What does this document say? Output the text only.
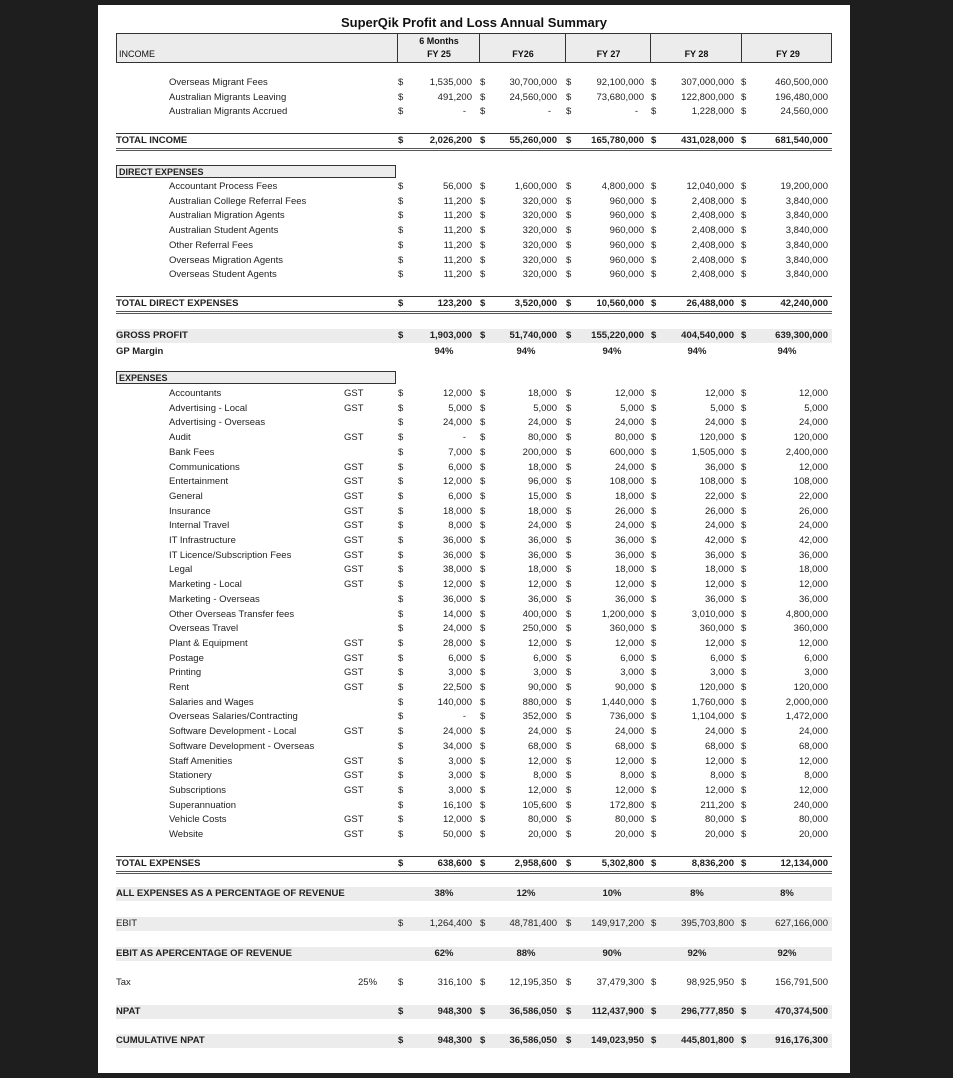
SuperQik Profit and Loss Annual Summary
INCOME
6 Months
FY 25	FY26	FY 27	FY 28	FY 29
Overseas Migrant Fees	$	1,535,000 $	30,700,000 $	92,100,000 $	307,000,000 $	460,500,000
Australian Migrants Leaving	$	491,200 $	24,560,000 $	73,680,000 $	122,800,000 $	196,480,000
Australian Migrants Accrued	$	- $	- $	- $	1,228,000 $	24,560,000
TOTAL INCOME	$	2,026,200 $	55,260,000 $ 165,780,000 $	431,028,000 $	681,540,000
DIRECT EXPENSES
Accountant Process Fees	$	56,000 $	1,600,000 $	4,800,000 $	12,040,000 $	19,200,000
Australian College Referral Fees	$	11,200 $	320,000 $	960,000 $	2,408,000 $	3,840,000
Australian Migration Agents	$	11,200 $	320,000 $	960,000 $	2,408,000 $	3,840,000
Australian Student Agents	$	11,200 $	320,000 $	960,000 $	2,408,000 $	3,840,000
Other Referral Fees	$	11,200 $	320,000 $	960,000 $	2,408,000 $	3,840,000
Overseas Migration Agents	$	11,200 $	320,000 $	960,000 $	2,408,000 $	3,840,000
Overseas Student Agents	$	11,200 $	320,000 $	960,000 $	2,408,000 $	3,840,000
TOTAL DIRECT EXPENSES	$	123,200 $	3,520,000 $	10,560,000 $	26,488,000 $	42,240,000
GROSS PROFIT	$	1,903,000 $	51,740,000 $ 155,220,000 $	404,540,000 $	639,300,000
GP Margin	94%	94%	94%	94%	94%
EXPENSES
Accountants	GST	$	12,000 $	18,000 $	12,000 $	12,000 $	12,000
Advertising - Local	GST	$	5,000 $	5,000 $	5,000 $	5,000 $	5,000
Advertising - Overseas	$	24,000 $	24,000 $	24,000 $	24,000 $	24,000
Audit	GST	$	- $	80,000 $	80,000 $	120,000 $	120,000
Bank Fees	$	7,000 $	200,000 $	600,000 $	1,505,000 $	2,400,000
Communications	GST	$	6,000 $	18,000 $	24,000 $	36,000 $	12,000
Entertainment	GST	$	12,000 $	96,000 $	108,000 $	108,000 $	108,000
General	GST	$	6,000 $	15,000 $	18,000 $	22,000 $	22,000
Insurance	GST	$	18,000 $	18,000 $	26,000 $	26,000 $	26,000
Internal Travel	GST	$	8,000 $	24,000 $	24,000 $	24,000 $	24,000
IT Infrastructure	GST	$	36,000 $	36,000 $	36,000 $	42,000 $	42,000
IT Licence/Subscription Fees	GST	$	36,000 $	36,000 $	36,000 $	36,000 $	36,000
Legal	GST	$	38,000 $	18,000 $	18,000 $	18,000 $	18,000
Marketing - Local	GST	$	12,000 $	12,000 $	12,000 $	12,000 $	12,000
Marketing - Overseas	$	36,000 $	36,000 $	36,000 $	36,000 $	36,000
Other Overseas Transfer fees	$	14,000 $	400,000 $	1,200,000 $	3,010,000 $	4,800,000
Overseas Travel	$	24,000 $	250,000 $	360,000 $	360,000 $	360,000
Plant & Equipment	GST	$	28,000 $	12,000 $	12,000 $	12,000 $	12,000
Postage	GST	$	6,000 $	6,000 $	6,000 $	6,000 $	6,000
Printing	GST	$	3,000 $	3,000 $	3,000 $	3,000 $	3,000
Rent	GST	$	22,500 $	90,000 $	90,000 $	120,000 $	120,000
Salaries and Wages	$	140,000 $	880,000 $	1,440,000 $	1,760,000 $	2,000,000
Overseas Salaries/Contracting	$	- $	352,000 $	736,000 $	1,104,000 $	1,472,000
Software Development - Local	GST	$	24,000 $	24,000 $	24,000 $	24,000 $	24,000
Software Development - Overseas	$	34,000 $	68,000 $	68,000 $	68,000 $	68,000
Staff Amenities	GST	$	3,000 $	12,000 $	12,000 $	12,000 $	12,000
Stationery	GST	$	3,000 $	8,000 $	8,000 $	8,000 $	8,000
Subscriptions	GST	$	3,000 $	12,000 $	12,000 $	12,000 $	12,000
Superannuation	$	16,100 $	105,600 $	172,800 $	211,200 $	240,000
Vehicle Costs	GST	$	12,000 $	80,000 $	80,000 $	80,000 $	80,000
Website	GST	$	50,000 $	20,000 $	20,000 $	20,000 $	20,000
TOTAL EXPENSES	$	638,600 $	2,958,600 $	5,302,800 $	8,836,200 $	12,134,000
ALL EXPENSES AS A PERCENTAGE OF REVENUE	38%	12%	10%	8%	8%
EBIT	$	1,264,400 $	48,781,400 $ 149,917,200 $	395,703,800 $	627,166,000
EBIT AS APERCENTAGE OF REVENUE	62%	88%	90%	92%	92%
Tax	25% $	316,100 $	12,195,350 $	37,479,300 $	98,925,950 $	156,791,500
NPAT	$	948,300 $	36,586,050 $ 112,437,900 $	296,777,850 $	470,374,500
CUMULATIVE NPAT	$	948,300 $	36,586,050 $ 149,023,950 $	445,801,800 $	916,176,300
